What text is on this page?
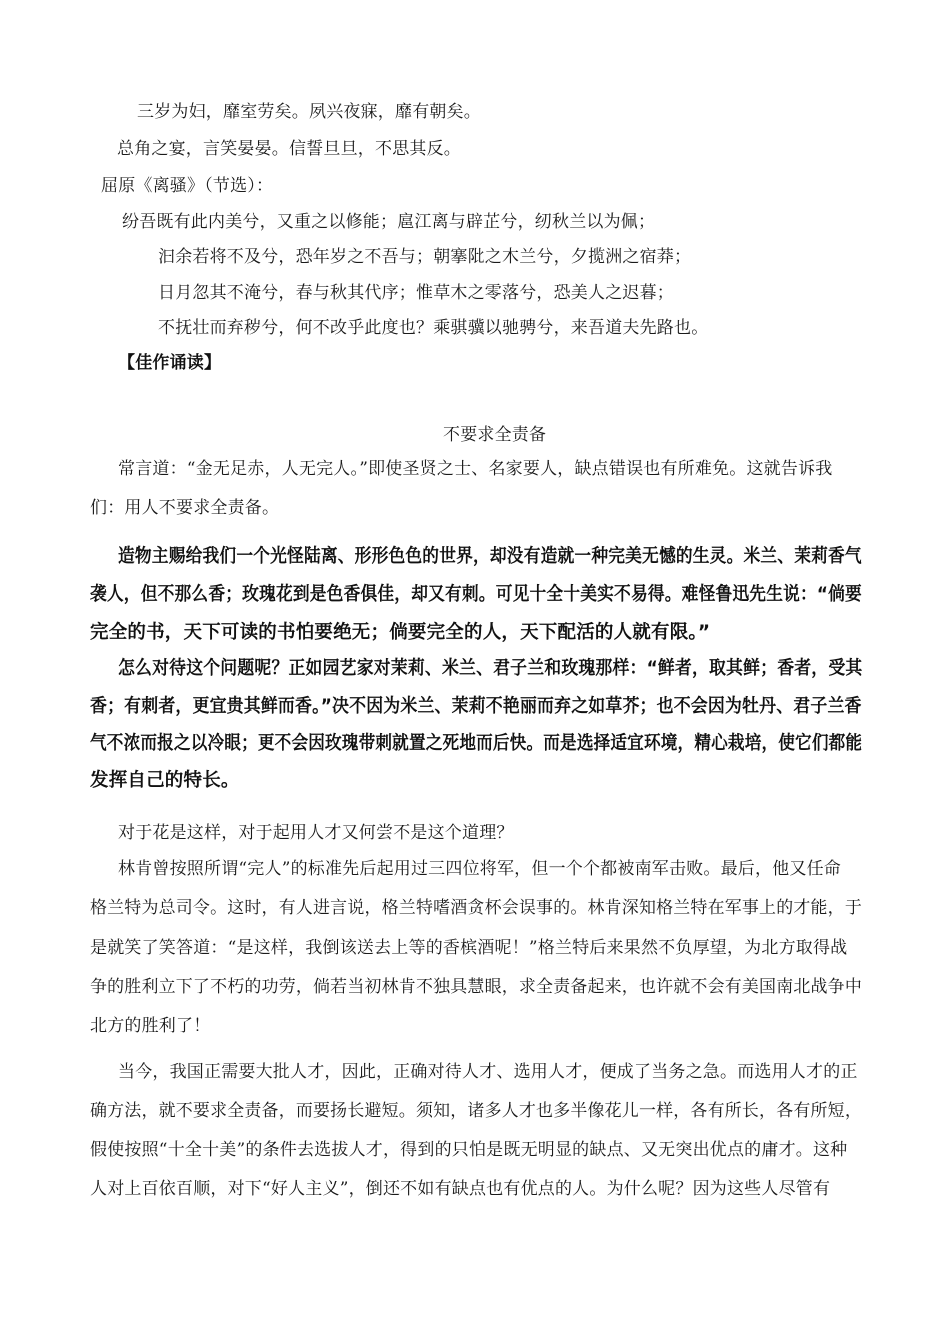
三岁为妇，靡室劳矣。夙兴夜寐，靡有朝矣。
总角之宴，言笑晏晏。信誓旦旦，不思其反。
屈原《离骚》（节选）：
纷吾既有此内美兮，又重之以修能；扈江离与辟芷兮，纫秋兰以为佩；
汩余若将不及兮，恐年岁之不吾与；朝搴阰之木兰兮，夕揽洲之宿莽；
日月忽其不淹兮，春与秋其代序；惟草木之零落兮，恐美人之迟暮；
不抚壮而弃秽兮，何不改乎此度也？乘骐骥以驰骋兮，来吾道夫先路也。
【佳作诵读】
不要求全责备
常言道：“金无足赤，人无完人。”即使圣贤之士、名家要人，缺点错误也有所难免。这就告诉我
们：用人不要求全责备。
造物主赐给我们一个光怪陆离、形形色色的世界，却没有造就一种完美无憾的生灵。米兰、茉莉香气
袭人，但不那么香；玫瑰花到是色香俱佳，却又有刺。可见十全十美实不易得。难怪鲁迅先生说：“倘要
完全的书，天下可读的书怕要绝无；倘要完全的人，天下配活的人就有限。”
怎么对待这个问题呢？正如园艺家对茉莉、米兰、君子兰和玫瑰那样：“鲜者，取其鲜；香者，受其
香；有刺者，更宜贵其鲜而香。”决不因为米兰、茉莉不艳丽而弃之如草芥；也不会因为牡丹、君子兰香
气不浓而报之以冷眼；更不会因玫瑰带刺就置之死地而后快。而是选择适宜环境，精心栽培，使它们都能
发挥自己的特长。
对于花是这样，对于起用人才又何尝不是这个道理？
林肯曾按照所谓“完人”的标准先后起用过三四位将军，但一个个都被南军击败。最后，他又任命
格兰特为总司令。这时，有人进言说，格兰特嗜酒贪杯会误事的。林肯深知格兰特在军事上的才能，于
是就笑了笑答道：“是这样，我倒该送去上等的香槟酒呢！”格兰特后来果然不负厚望，为北方取得战
争的胜利立下了不朽的功劳，倘若当初林肯不独具慧眼，求全责备起来，也许就不会有美国南北战争中
北方的胜利了！
当今，我国正需要大批人才，因此，正确对待人才、选用人才，便成了当务之急。而选用人才的正
确方法，就不要求全责备，而要扬长避短。须知，诸多人才也多半像花儿一样，各有所长，各有所短，
假使按照“十全十美”的条件去选拔人才，得到的只怕是既无明显的缺点、又无突出优点的庸才。这种
人对上百依百顺，对下“好人主义”，倒还不如有缺点也有优点的人。为什么呢？因为这些人尽管有
